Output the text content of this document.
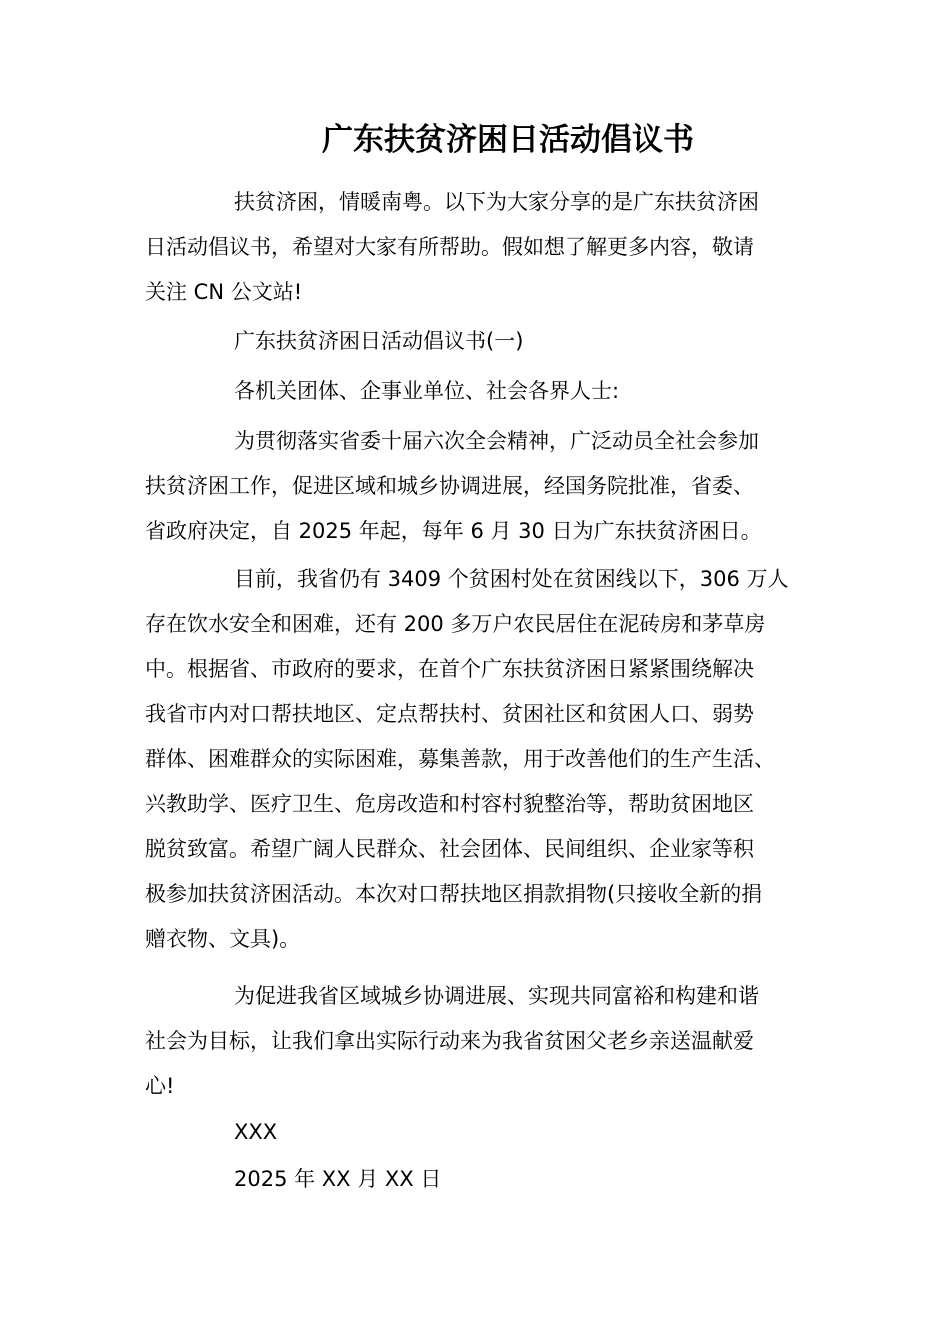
广东扶贫济困日活动倡议书
扶贫济困，情暖南粤。以下为大家分享的是广东扶贫济困
日活动倡议书，希望对大家有所帮助。假如想了解更多内容，敬请
关注 CN 公文站!
广东扶贫济困日活动倡议书(一)
各机关团体、企事业单位、社会各界人士:
为贯彻落实省委十届六次全会精神，广泛动员全社会参加
扶贫济困工作，促进区域和城乡协调进展，经国务院批准，省委、
省政府决定，自 2025 年起，每年 6 月 30 日为广东扶贫济困日。
目前，我省仍有 3409 个贫困村处在贫困线以下，306 万人
存在饮水安全和困难，还有 200 多万户农民居住在泥砖房和茅草房
中。根据省、市政府的要求，在首个广东扶贫济困日紧紧围绕解决
我省市内对口帮扶地区、定点帮扶村、贫困社区和贫困人口、弱势
群体、困难群众的实际困难，募集善款，用于改善他们的生产生活、
兴教助学、医疗卫生、危房改造和村容村貌整治等，帮助贫困地区
脱贫致富。希望广阔人民群众、社会团体、民间组织、企业家等积
极参加扶贫济困活动。本次对口帮扶地区捐款捐物(只接收全新的捐
赠衣物、文具)。
为促进我省区域城乡协调进展、实现共同富裕和构建和谐
社会为目标，让我们拿出实际行动来为我省贫困父老乡亲送温献爱
心!
XXX
2025 年 XX 月 XX 日
